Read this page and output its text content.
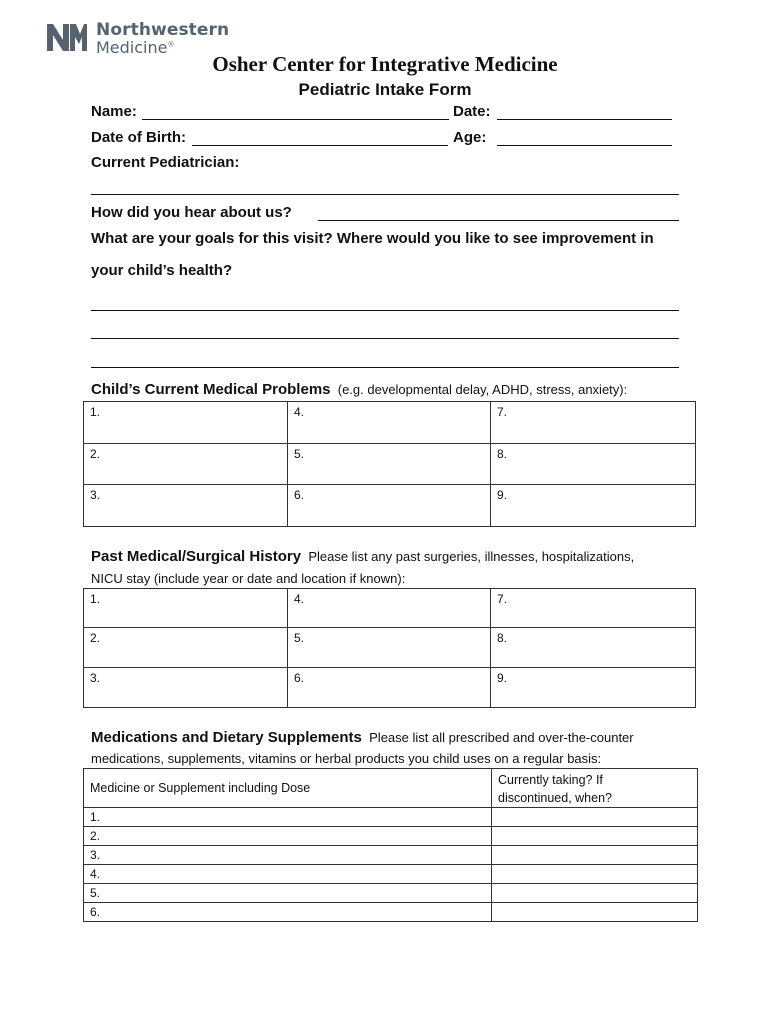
Northwestern
Medicine®
Osher Center for Integrative Medicine
Pediatric Intake Form
Name:	Date:
Date of Birth:	Age:
Current Pediatrician:
How did you hear about us?
What are your goals for this visit? Where would you like to see improvement in
your child’s health?
Child’s Current Medical Problems (e.g. developmental delay, ADHD, stress, anxiety):
1.	4.	7.
2.	5.	8.
3.	6.	9.
Past Medical/Surgical History Please list any past surgeries, illnesses, hospitalizations,
NICU stay (include year or date and location if known):
1.	4.	7.
2.	5.	8.
3.	6.	9.
Medications and Dietary Supplements Please list all prescribed and over-the-counter
medications, supplements, vitamins or herbal products you child uses on a regular basis:
Medicine or Supplement including Dose	Currently taking? If
discontinued, when?
1.	
2.	
3.	
4.	
5.	
6.	
